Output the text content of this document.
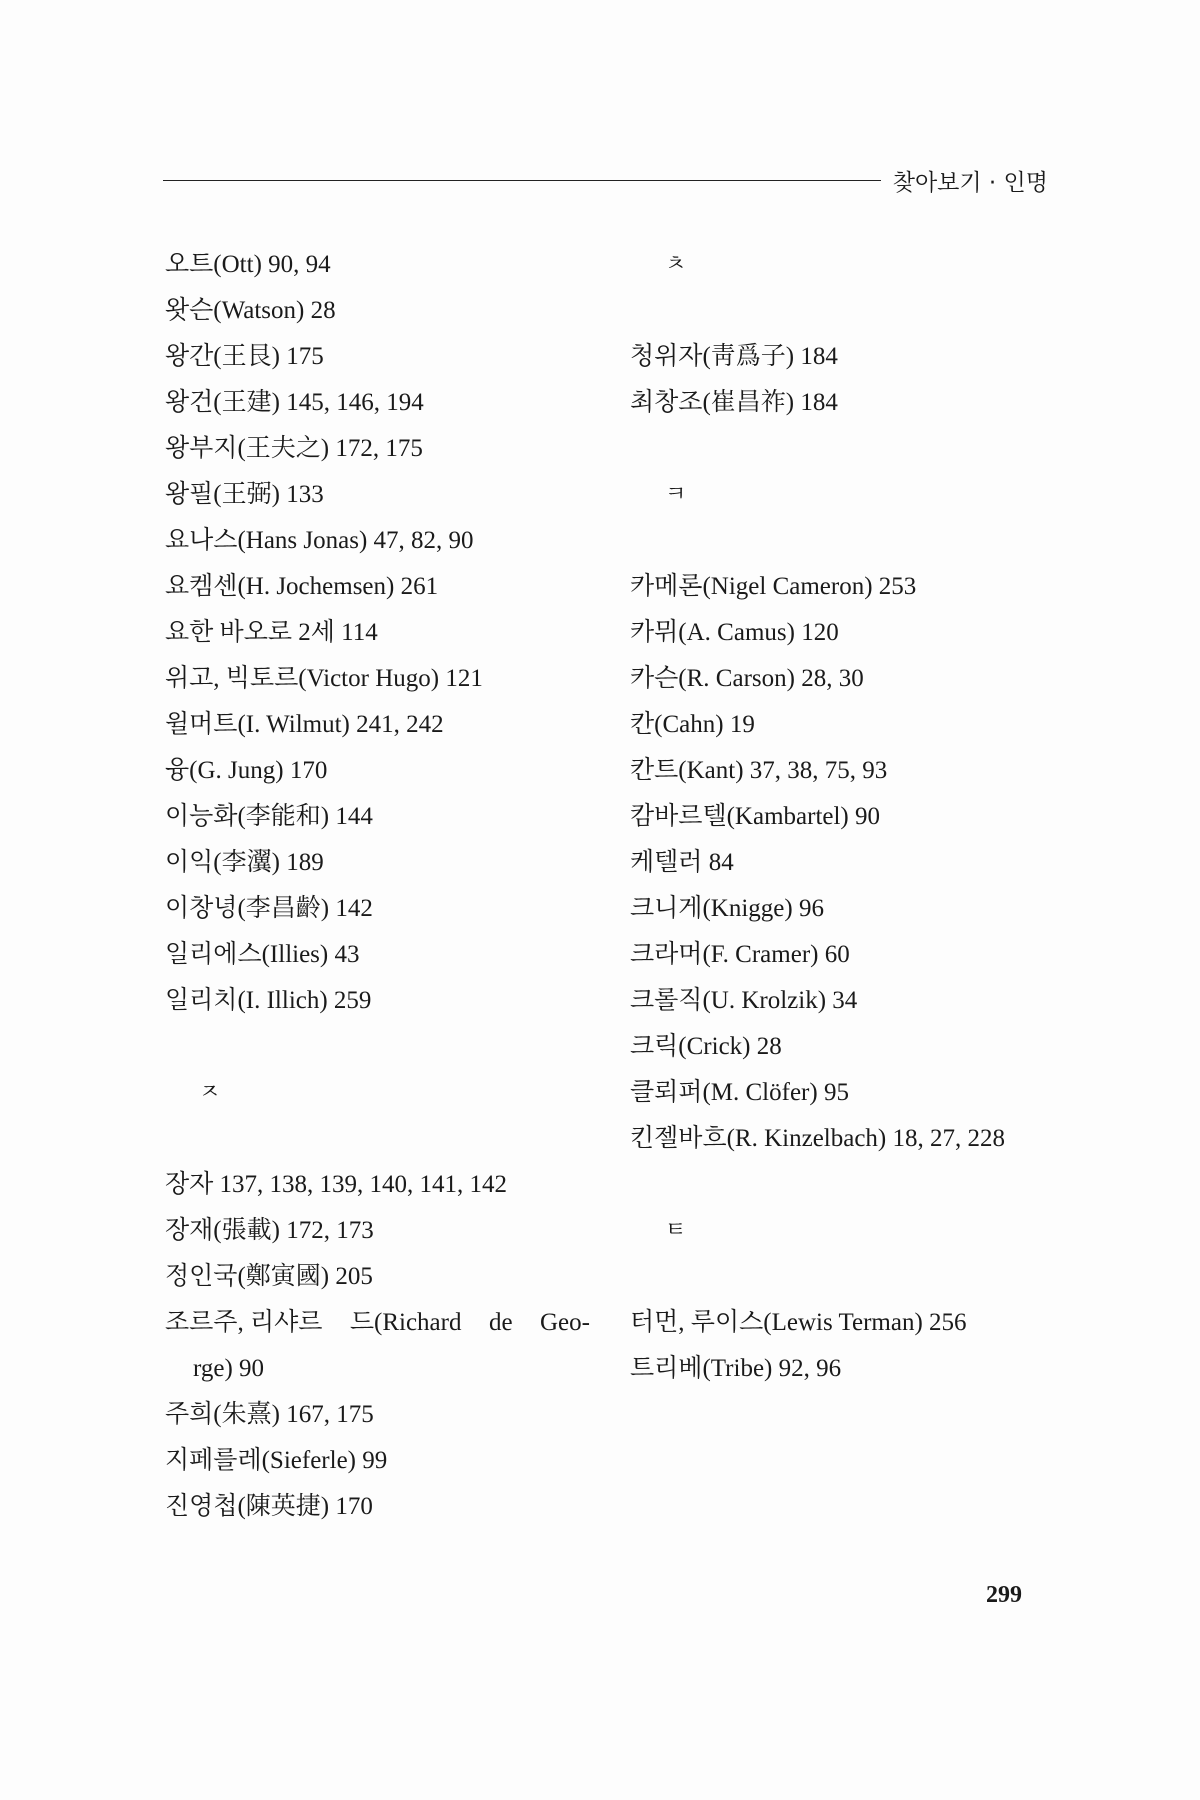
찾아보기 · 인명
오트(Ott) 90, 94
왓슨(Watson) 28
왕간(王艮) 175
왕건(王建) 145, 146, 194
왕부지(王夫之) 172, 175
왕필(王弼) 133
요나스(Hans Jonas) 47, 82, 90
요켐센(H. Jochemsen) 261
요한 바오로 2세 114
위고, 빅토르(Victor Hugo) 121
윌머트(I. Wilmut) 241, 242
융(G. Jung) 170
이능화(李能和) 144
이익(李瀷) 189
이창녕(李昌齡) 142
일리에스(Illies) 43
일리치(I. Illich) 259
ㅈ
장자 137, 138, 139, 140, 141, 142
장재(張載) 172, 173
정인국(鄭寅國) 205
조르주, 리샤르 드(Richard de Geo-
rge) 90
주희(朱熹) 167, 175
지페를레(Sieferle) 99
진영첩(陳英捷) 170
ㅊ
청위자(靑爲子) 184
최창조(崔昌祚) 184
ㅋ
카메론(Nigel Cameron) 253
카뮈(A. Camus) 120
카슨(R. Carson) 28, 30
칸(Cahn) 19
칸트(Kant) 37, 38, 75, 93
캄바르텔(Kambartel) 90
케텔러 84
크니게(Knigge) 96
크라머(F. Cramer) 60
크롤직(U. Krolzik) 34
크릭(Crick) 28
클뢰퍼(M. Clöfer) 95
킨젤바흐(R. Kinzelbach) 18, 27, 228
ㅌ
터먼, 루이스(Lewis Terman) 256
트리베(Tribe) 92, 96
299
